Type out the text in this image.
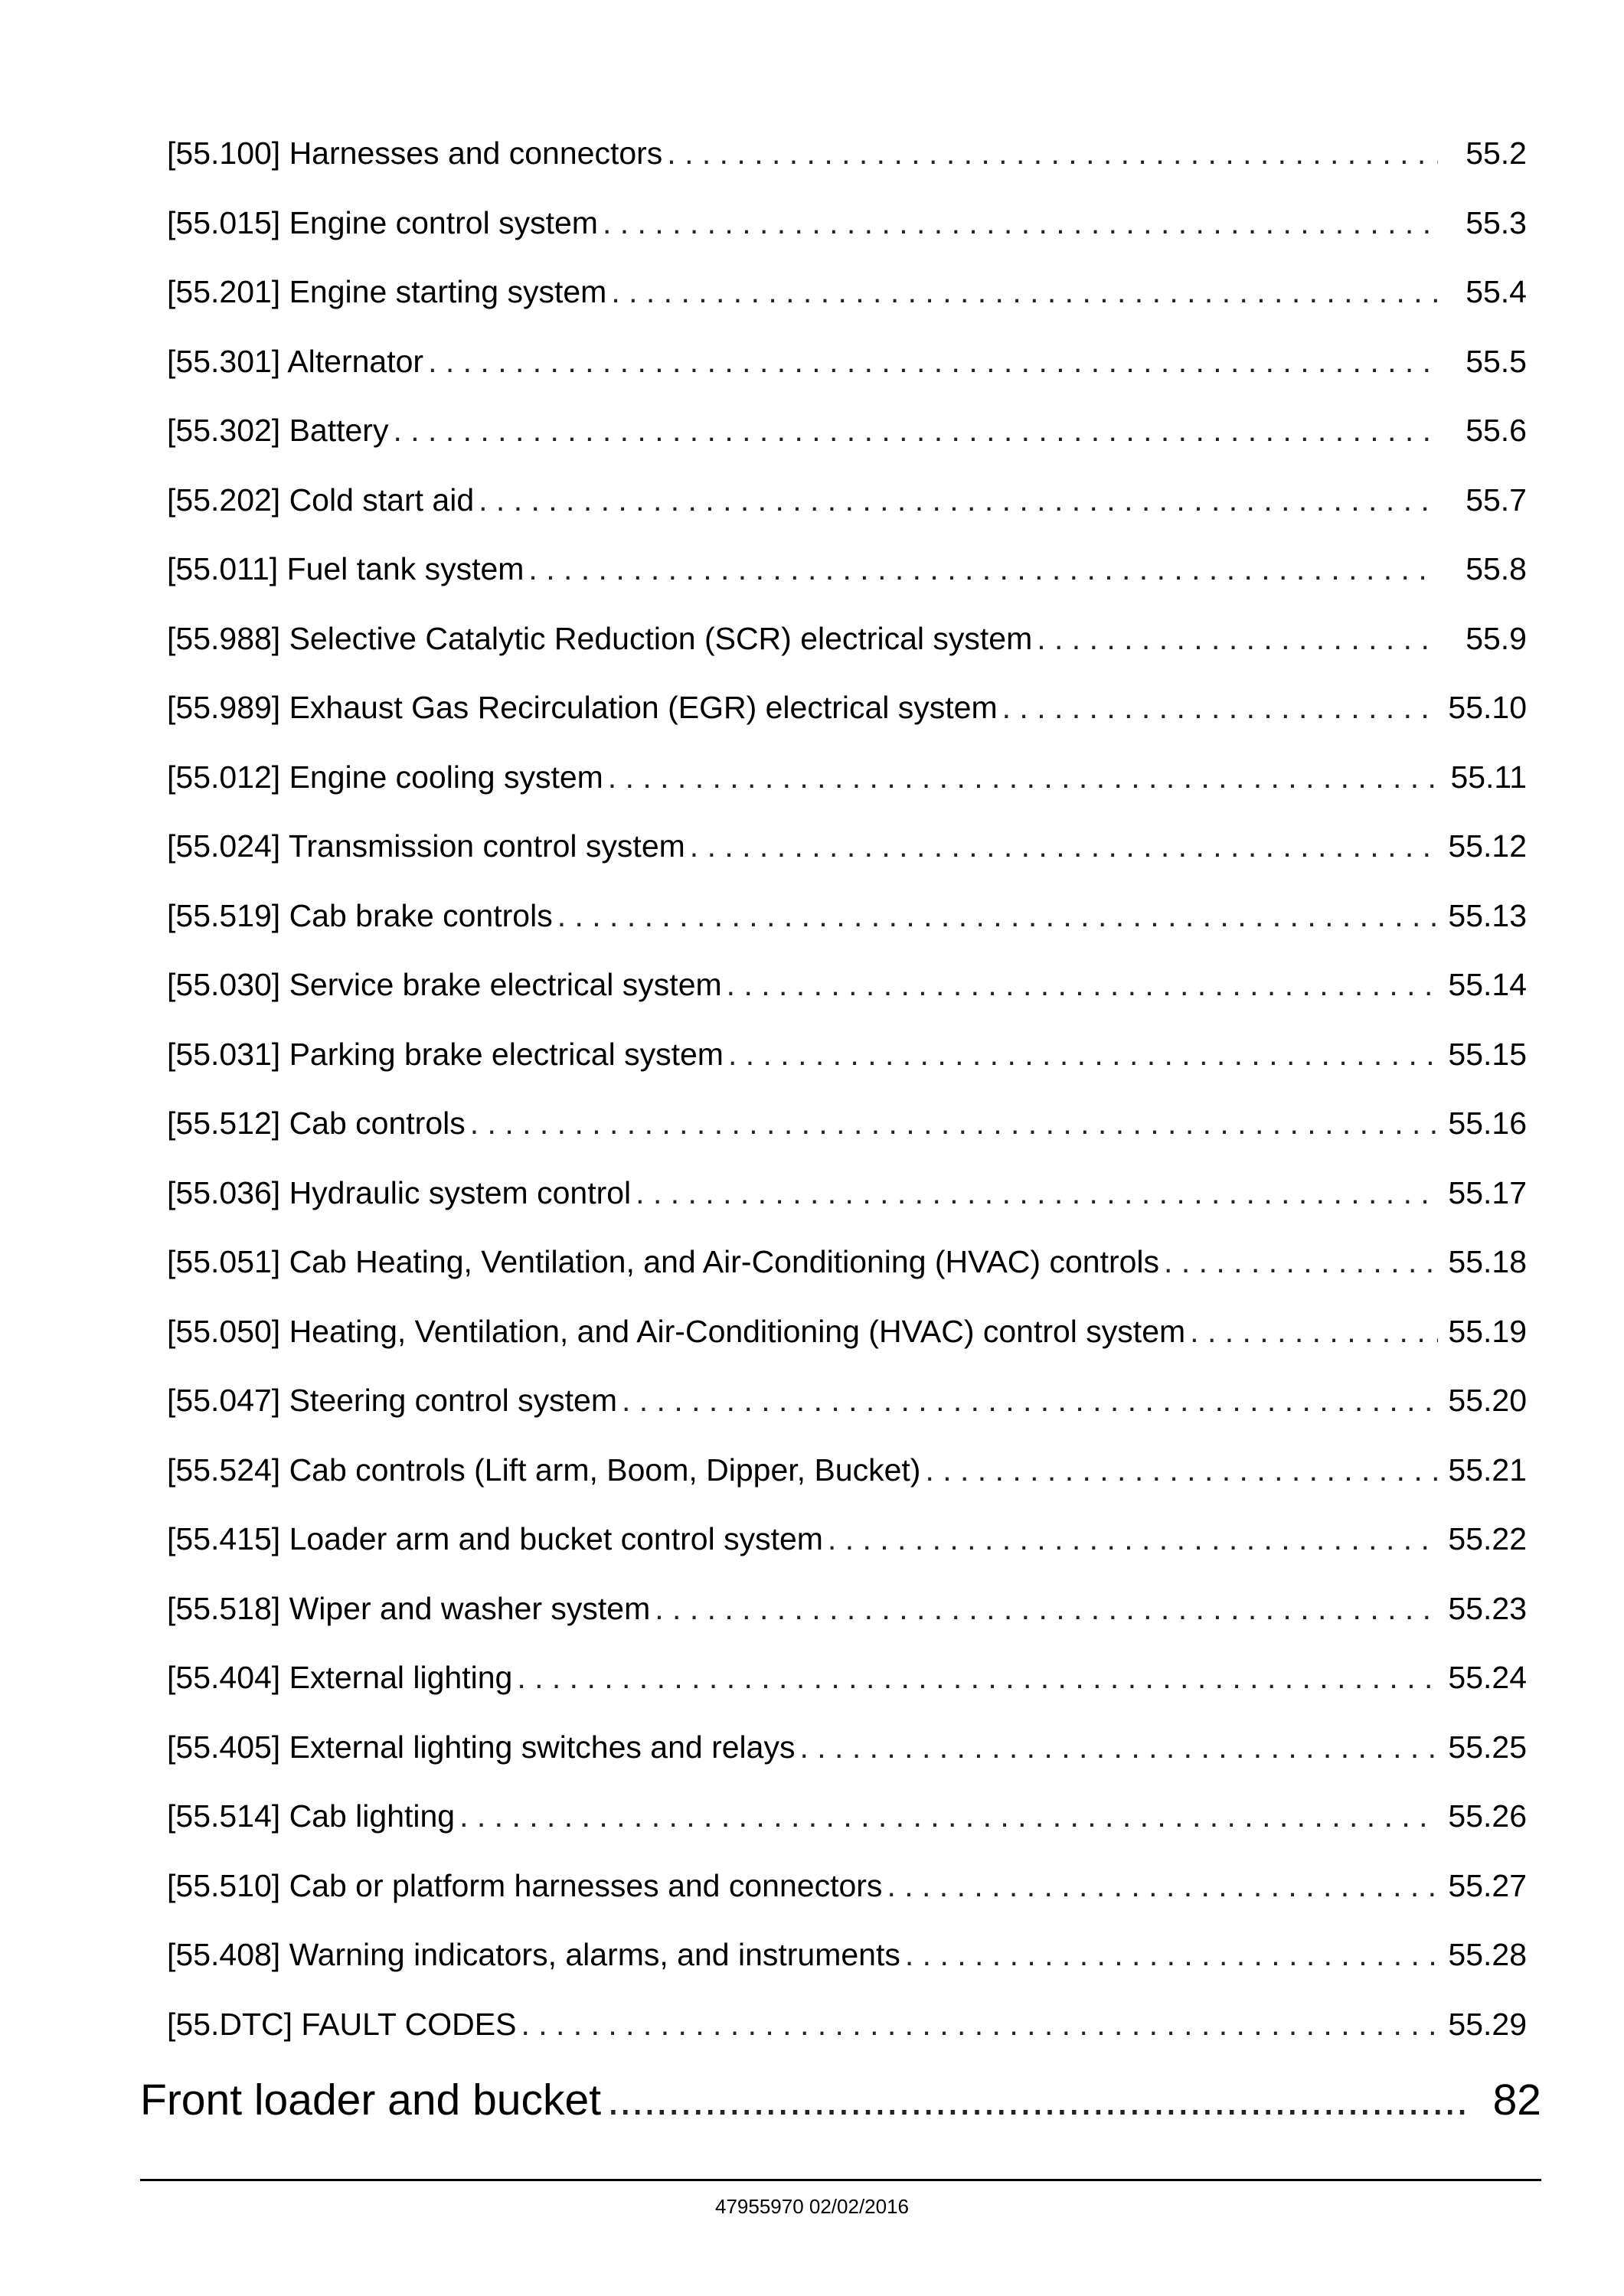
[55.100] Harnesses and connectors . . .	55.2
[55.015] Engine control system . . .	55.3
[55.201] Engine starting system . . .	55.4
[55.301] Alternator . . .	55.5
[55.302] Battery . . .	55.6
[55.202] Cold start aid . . .	55.7
[55.011] Fuel tank system . . .	55.8
[55.988] Selective Catalytic Reduction (SCR) electrical system . . .	55.9
[55.989] Exhaust Gas Recirculation (EGR) electrical system . . .	55.10
[55.012] Engine cooling system . . .	55.11
[55.024] Transmission control system . . .	55.12
[55.519] Cab brake controls . . .	55.13
[55.030] Service brake electrical system . . .	55.14
[55.031] Parking brake electrical system . . .	55.15
[55.512] Cab controls . . .	55.16
[55.036] Hydraulic system control . . .	55.17
[55.051] Cab Heating, Ventilation, and Air-Conditioning (HVAC) controls . . .	55.18
[55.050] Heating, Ventilation, and Air-Conditioning (HVAC) control system . . .	55.19
[55.047] Steering control system . . .	55.20
[55.524] Cab controls (Lift arm, Boom, Dipper, Bucket) . . .	55.21
[55.415] Loader arm and bucket control system . . .	55.22
[55.518] Wiper and washer system . . .	55.23
[55.404] External lighting . . .	55.24
[55.405] External lighting switches and relays . . .	55.25
[55.514] Cab lighting . . .	55.26
[55.510] Cab or platform harnesses and connectors . . .	55.27
[55.408] Warning indicators, alarms, and instruments . . .	55.28
[55.DTC] FAULT CODES . . .	55.29
Front loader and bucket .....	82
47955970 02/02/2016
